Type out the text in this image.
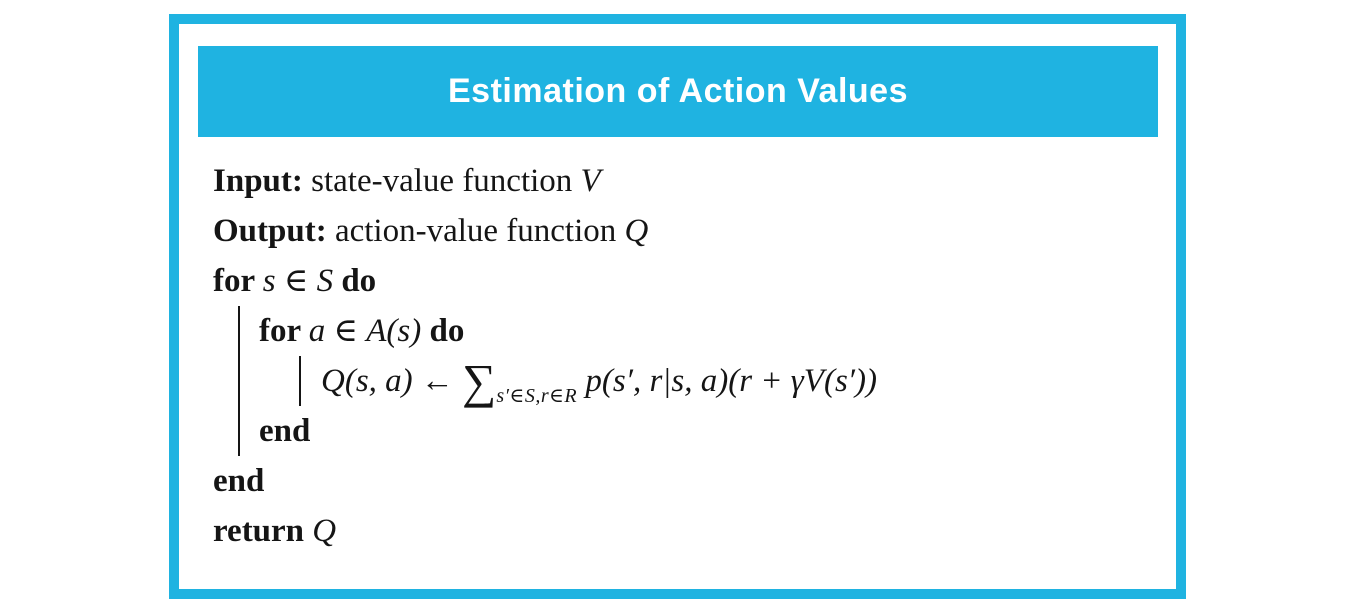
Estimation of Action Values
Input: state-value function V
Output: action-value function Q
for s ∈ S do
for a ∈ A(s) do
Q(s, a) ← $\sum_{s'\in S,r\in R}$ p(s′, r|s, a)(r + γV(s′))
end
end
return Q
